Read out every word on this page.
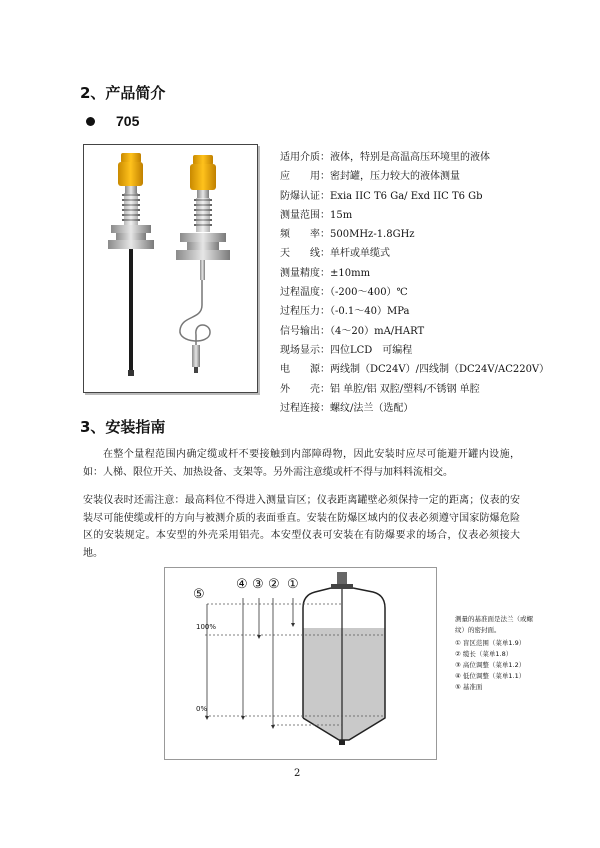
2、产品简介
705
适用介质：液体，特别是高温高压环境里的液体
应　　用：密封罐，压力较大的液体测量
防爆认证：Exia IIC T6 Ga/ Exd IIC T6 Gb
测量范围：15m
频　　率：500MHz-1.8GHz
天　　线：单杆或单缆式
测量精度：±10mm
过程温度：（-200～400）℃
过程压力：（-0.1～40）MPa
信号输出：（4～20）mA/HART
现场显示：四位LCD　可编程
电　　源：两线制（DC24V）/四线制（DC24V/AC220V）
外　　壳：铝 单腔/铝 双腔/塑料/不锈钢 单腔
过程连接：螺纹/法兰（选配）
3、安装指南
在整个量程范围内确定缆或杆不要接触到内部障碍物，因此安装时应尽可能避开罐内设施，如：人梯、限位开关、加热设备、支架等。另外需注意缆或杆不得与加料料流相交。
安装仪表时还需注意：最高料位不得进入测量盲区；仪表距离罐壁必须保持一定的距离；仪表的安装尽可能使缆或杆的方向与被测介质的表面垂直。安装在防爆区域内的仪表必须遵守国家防爆危险区的安装规定。本安型的外壳采用铝壳。本安型仪表可安装在有防爆要求的场合，仪表必须接大地。
⑤
④ ③ ② ①
100%
0%
测量的基准面是法兰（或螺纹）的密封面。
① 盲区范围（菜单1.9）
② 缆长（菜单1.8）
③ 高位调整（菜单1.2）
④ 低位调整（菜单1.1）
⑤ 基准面
2
